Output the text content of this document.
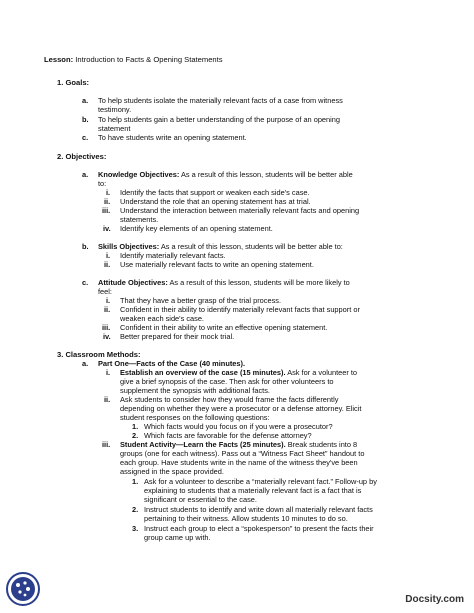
Lesson: Introduction to Facts & Opening Statements
1. Goals:
a. To help students isolate the materially relevant facts of a case from witness
testimony.
b. To help students gain a better understanding of the purpose of an opening
statement
c. To have students write an opening statement.
2. Objectives:
a. Knowledge Objectives: As a result of this lesson, students will be better able
to:
i. Identify the facts that support or weaken each side's case.
ii. Understand the role that an opening statement has at trial.
iii. Understand the interaction between materially relevant facts and opening
statements.
iv. Identify key elements of an opening statement.
b. Skills Objectives: As a result of this lesson, students will be better able to:
i. Identify materially relevant facts.
ii. Use materially relevant facts to write an opening statement.
c. Attitude Objectives: As a result of this lesson, students will be more likely to
feel:
i. That they have a better grasp of the trial process.
ii. Confident in their ability to identify materially relevant facts that support or
weaken each side's case.
iii. Confident in their ability to write an effective opening statement.
iv. Better prepared for their mock trial.
3. Classroom Methods:
a. Part One—Facts of the Case (40 minutes).
i. Establish an overview of the case (15 minutes). Ask for a volunteer to
give a brief synopsis of the case. Then ask for other volunteers to
supplement the synopsis with additional facts.
ii. Ask students to consider how they would frame the facts differently
depending on whether they were a prosecutor or a defense attorney. Elicit
student responses on the following questions:
1. Which facts would you focus on if you were a prosecutor?
2. Which facts are favorable for the defense attorney?
iii. Student Activity—Learn the Facts (25 minutes). Break students into 8
groups (one for each witness). Pass out a “Witness Fact Sheet” handout to
each group. Have students write in the name of the witness they've been
assigned in the space provided.
1. Ask for a volunteer to describe a “materially relevant fact.” Follow-up by
explaining to students that a materially relevant fact is a fact that is
significant or essential to the case.
2. Instruct students to identify and write down all materially relevant facts
pertaining to their witness. Allow students 10 minutes to do so.
3. Instruct each group to elect a “spokesperson” to present the facts their
group came up with.
Docsity.com
